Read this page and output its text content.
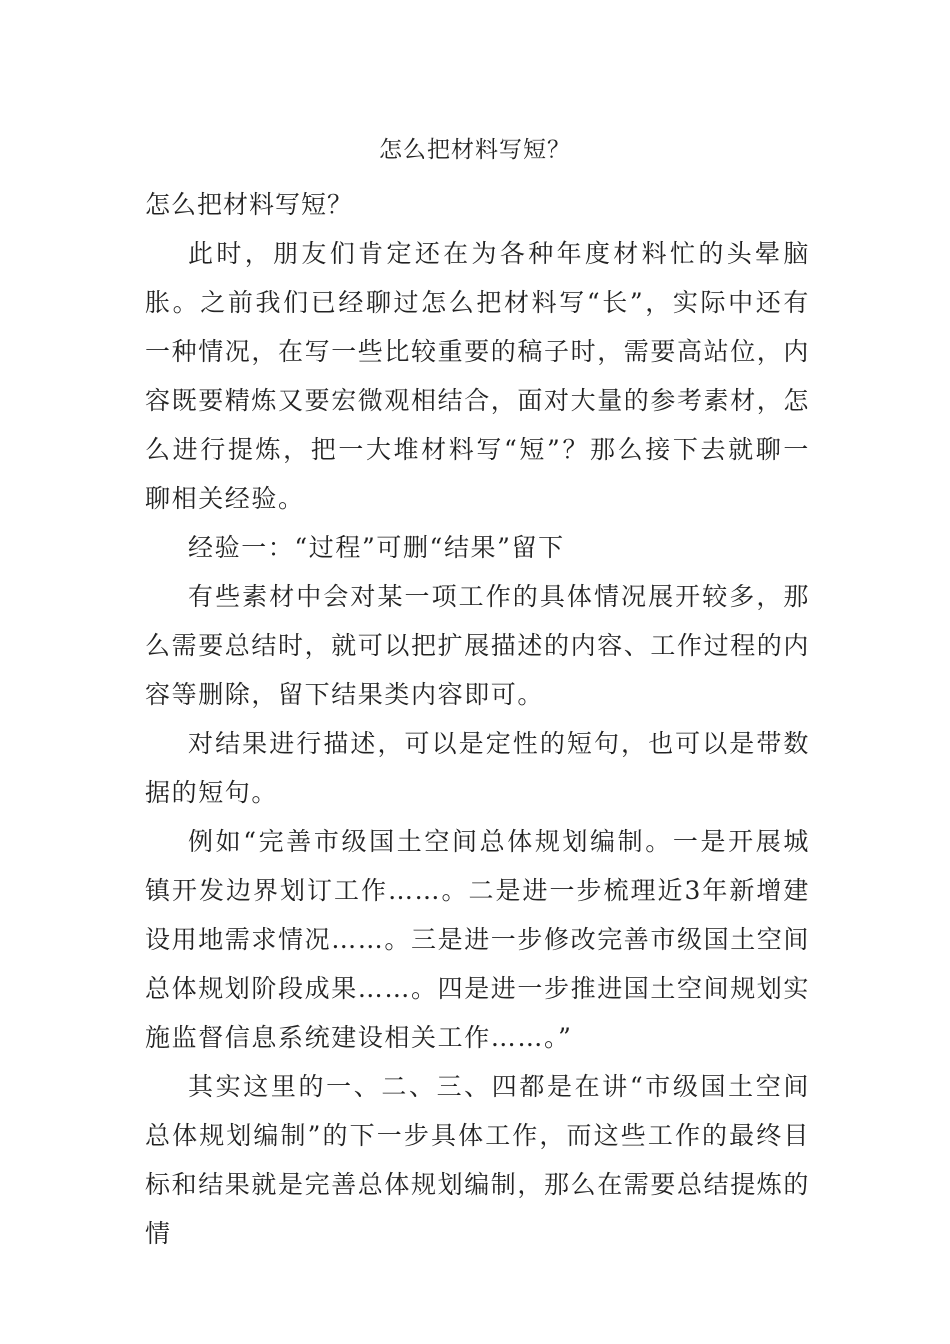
怎么把材料写短？

怎么把材料写短？

此时，朋友们肯定还在为各种年度材料忙的头晕脑胀。之前我们已经聊过怎么把材料写“长”，实际中还有一种情况，在写一些比较重要的稿子时，需要高站位，内容既要精炼又要宏微观相结合，面对大量的参考素材，怎么进行提炼，把一大堆材料写“短”？那么接下去就聊一聊相关经验。

经验一：“过程”可删“结果”留下

有些素材中会对某一项工作的具体情况展开较多，那么需要总结时，就可以把扩展描述的内容、工作过程的内容等删除，留下结果类内容即可。

对结果进行描述，可以是定性的短句，也可以是带数据的短句。

例如“完善市级国土空间总体规划编制。一是开展城镇开发边界划订工作……。二是进一步梳理近3年新增建设用地需求情况……。三是进一步修改完善市级国土空间总体规划阶段成果……。四是进一步推进国土空间规划实施监督信息系统建设相关工作……。”

其实这里的一、二、三、四都是在讲“市级国土空间总体规划编制”的下一步具体工作，而这些工作的最终目标和结果就是完善总体规划编制，那么在需要总结提炼的情
